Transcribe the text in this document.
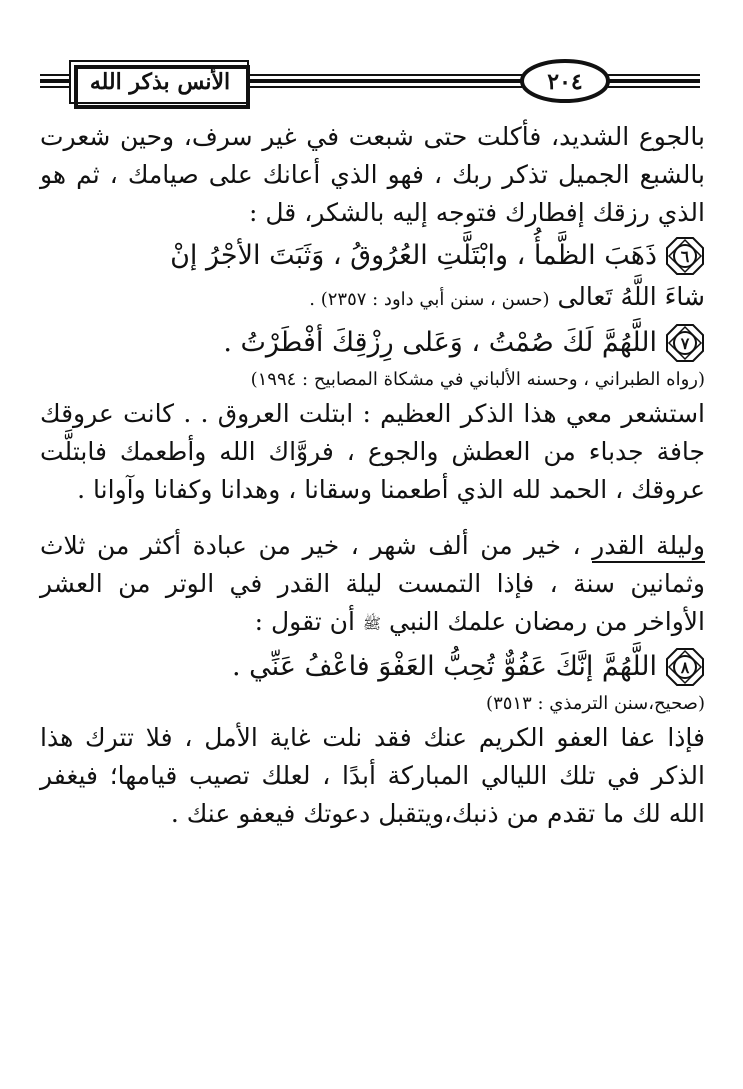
الأنس بذكر الله	٢٠٤

بالجوع الشديد، فأكلت حتى شبعت في غير سرف، وحين شعرت بالشبع الجميل تذكر ربك ، فهو الذي أعانك على صيامك ، ثم هو الذي رزقك إفطارك فتوجه إليه بالشكر، قل :

٦
ذَهَبَ الظَّمأُ ، وابْتَلَّتِ العُرُوقُ ، وَثَبَتَ الأجْرُ إنْ

شاءَ اللَّهُ تَعالى (حسن ، سنن أبي داود : ٢٣٥٧) .

٧
اللَّهُمَّ لَكَ صُمْتُ ، وَعَلى رِزْقِكَ أفْطَرْتُ .

(رواه الطبراني ، وحسنه الألباني في مشكاة المصابيح : ١٩٩٤)

استشعر معي هذا الذكر العظيم : ابتلت العروق . . كانت عروقك جافة جدباء من العطش والجوع ، فروَّاك الله وأطعمك فابتلَّت عروقك ، الحمد لله الذي أطعمنا وسقانا ، وهدانا وكفانا وآوانا .

وليلة القدر ، خير من ألف شهر ، خير من عبادة أكثر من ثلاث وثمانين سنة ، فإذا التمست ليلة القدر في الوتر من العشر الأواخر من رمضان علمك النبي ﷺ أن تقول :

٨
اللَّهُمَّ إنَّكَ عَفُوٌّ تُحِبُّ العَفْوَ فاعْفُ عَنِّي .

(صحيح،سنن الترمذي : ٣٥١٣)

فإذا عفا العفو الكريم عنك فقد نلت غاية الأمل ، فلا تترك هذا الذكر في تلك الليالي المباركة أبدًا ، لعلك تصيب قيامها؛ فيغفر الله لك ما تقدم من ذنبك،ويتقبل دعوتك فيعفو عنك .
